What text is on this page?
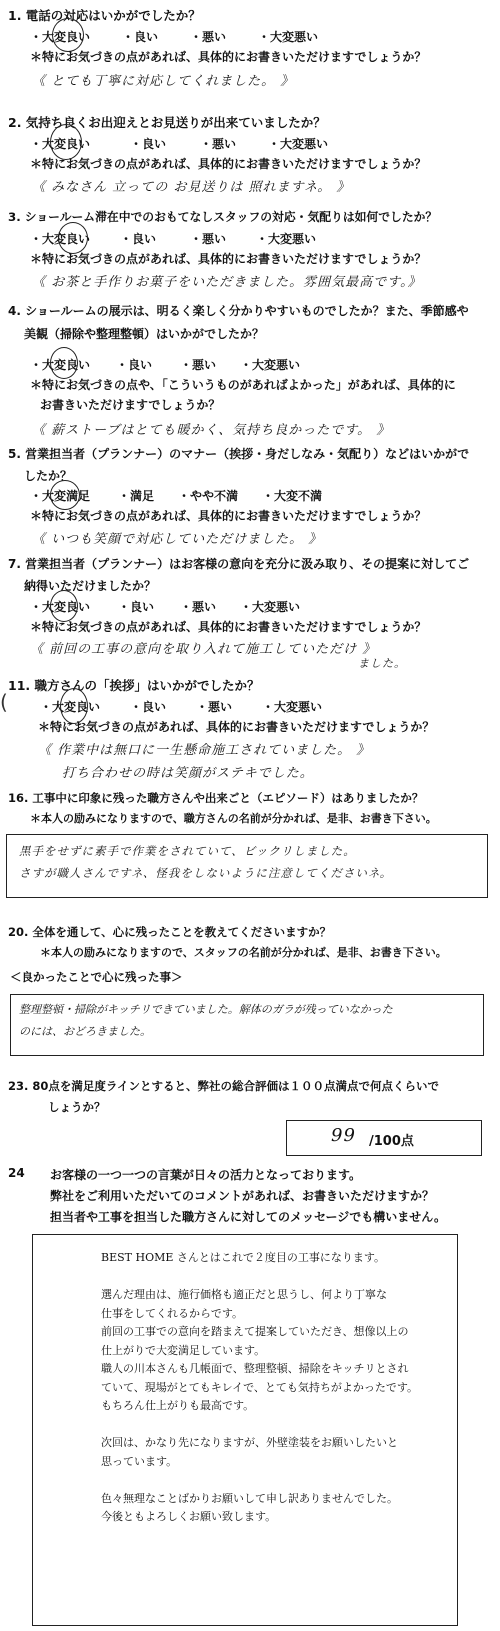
1. 電話の対応はいかがでしたか？
・大変良い	・良い	・悪い	・大変悪い
＊特にお気づきの点があれば、具体的にお書きいただけますでしょうか？
《 とても丁寧に対応してくれました。 》
2. 気持ち良くお出迎えとお見送りが出来ていましたか？
・大変良い	・良い	・悪い	・大変悪い
＊特にお気づきの点があれば、具体的にお書きいただけますでしょうか？
《 みなさん 立っての お見送りは 照れますネ。 》
3. ショールーム滞在中でのおもてなしスタッフの対応・気配りは如何でしたか？
・大変良い ・良い	・悪い ・大変悪い
＊特にお気づきの点があれば、具体的にお書きいただけますでしょうか？
《 お茶と手作りお菓子をいただきました。雰囲気最高です。》
4. ショールームの展示は、明るく楽しく分かりやすいものでしたか？また、季節感や
美観（掃除や整理整頓）はいかがでしたか？
・大変良い ・良い ・悪い ・大変悪い
＊特にお気づきの点や、「こういうものがあればよかった」があれば、具体的に
お書きいただけますでしょうか？
《 薪ストーブはとても暖かく、気持ち良かったです。 》
5. 営業担当者（プランナー）のマナー（挨拶・身だしなみ・気配り）などはいかがで
したか？
・大変満足 ・満足 ・やや不満 ・大変不満
＊特にお気づきの点があれば、具体的にお書きいただけますでしょうか？
《 いつも笑顔で対応していただけました。 》
7. 営業担当者（プランナー）はお客様の意向を充分に汲み取り、その提案に対してご
納得いただけましたか？
・大変良い ・良い ・悪い ・大変悪い
＊特にお気づきの点があれば、具体的にお書きいただけますでしょうか？
《 前回の工事の意向を取り入れて施工していただけ 》
ました。
11. 職方さんの「挨拶」はいかがでしたか？
・大変良い ・良い ・悪い ・大変悪い
＊特にお気づきの点があれば、具体的にお書きいただけますでしょうか？
《 作業中は無口に一生懸命施工されていました。 》
打ち合わせの時は笑顔がステキでした。
16. 工事中に印象に残った職方さんや出来ごと（エピソード）はありましたか？
＊本人の励みになりますので、職方さんの名前が分かれば、是非、お書き下さい。
黒手をせずに素手で作業をされていて、ビックリしました。
さすが職人さんですネ、怪我をしないように注意してくださいネ。
20. 全体を通して、心に残ったことを教えてくださいますか？
＊本人の励みになりますので、スタッフの名前が分かれば、是非、お書き下さい。
＜良かったことで心に残った事＞
整理整頓・掃除がキッチリできていました。解体のガラが残っていなかった
のには、おどろきました。
23. 80点を満足度ラインとすると、弊社の総合評価は１００点満点で何点くらいで
しょうか？
99 /100点
24 お客様の一つ一つの言葉が日々の活力となっております。
弊社をご利用いただいてのコメントがあれば、お書きいただけますか？
担当者や工事を担当した職方さんに対してのメッセージでも構いません。
BEST HOME さんとはこれで２度目の工事になります。

選んだ理由は、施行価格も適正だと思うし、何より丁寧な
仕事をしてくれるからです。
前回の工事での意向を踏まえて提案していただき、想像以上の
仕上がりで大変満足しています。
職人の川本さんも几帳面で、整理整頓、掃除をキッチリとされ
ていて、現場がとてもキレイで、とても気持ちがよかったです。
もちろん仕上がりも最高です。

次回は、かなり先になりますが、外壁塗装をお願いしたいと
思っています。

色々無理なことばかりお願いして申し訳ありませんでした。
今後ともよろしくお願い致します。
(
